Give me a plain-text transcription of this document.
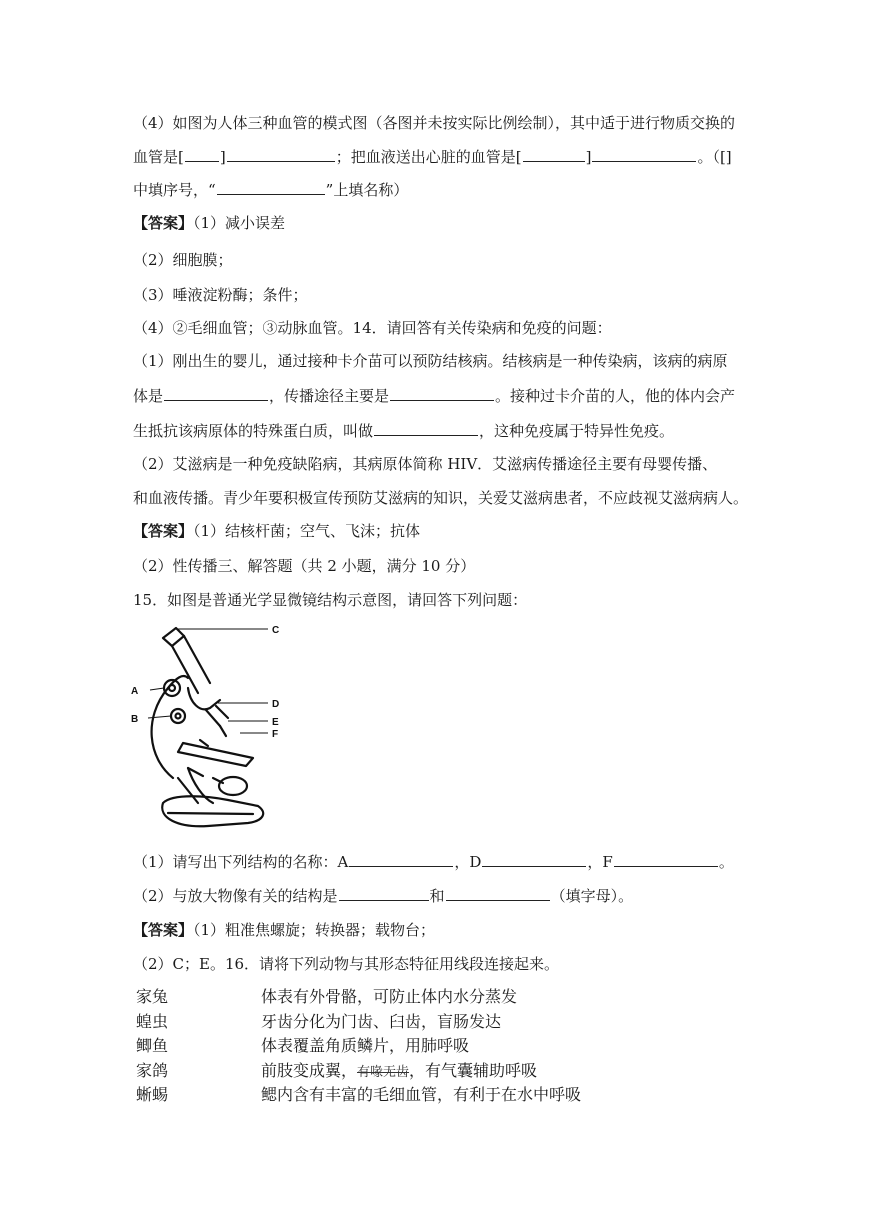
（4）如图为人体三种血管的模式图（各图并未按实际比例绘制），其中适于进行物质交换的
血管是[ ]	；把血液送出心脏的血管是[	]	。（[]
中填序号，“	”上填名称）
【答案】（1）减小误差
（2）细胞膜；
（3）唾液淀粉酶；条件；
（4）②毛细血管；③动脉血管。14．请回答有关传染病和免疫的问题：
（1）刚出生的婴儿，通过接种卡介苗可以预防结核病。结核病是一种传染病，该病的病原
体是	，传播途径主要是	。接种过卡介苗的人，他的体内会产
生抵抗该病原体的特殊蛋白质，叫做	，这种免疫属于特异性免疫。
（2）艾滋病是一种免疫缺陷病，其病原体简称 HIV．艾滋病传播途径主要有母婴传播、
和血液传播。青少年要积极宣传预防艾滋病的知识，关爱艾滋病患者，不应歧视艾滋病病人。
【答案】（1）结核杆菌；空气、飞沫；抗体
（2）性传播三、解答题（共 2 小题，满分 10 分）
15．如图是普通光学显微镜结构示意图，请回答下列问题：
C
A
D
B	E
F
（1）请写出下列结构的名称：A	，D	，F	。
（2）与放大物像有关的结构是	和	（填字母）。
【答案】（1）粗准焦螺旋；转换器；载物台；
（2）C；E。16．请将下列动物与其形态特征用线段连接起来。
家兔	体表有外骨骼，可防止体内水分蒸发
蝗虫	牙齿分化为门齿、臼齿，盲肠发达
鲫鱼	体表覆盖角质鳞片，用肺呼吸
家鸽	前肢变成翼，有喙无齿，有气囊辅助呼吸
蜥蜴	鳃内含有丰富的毛细血管，有利于在水中呼吸
